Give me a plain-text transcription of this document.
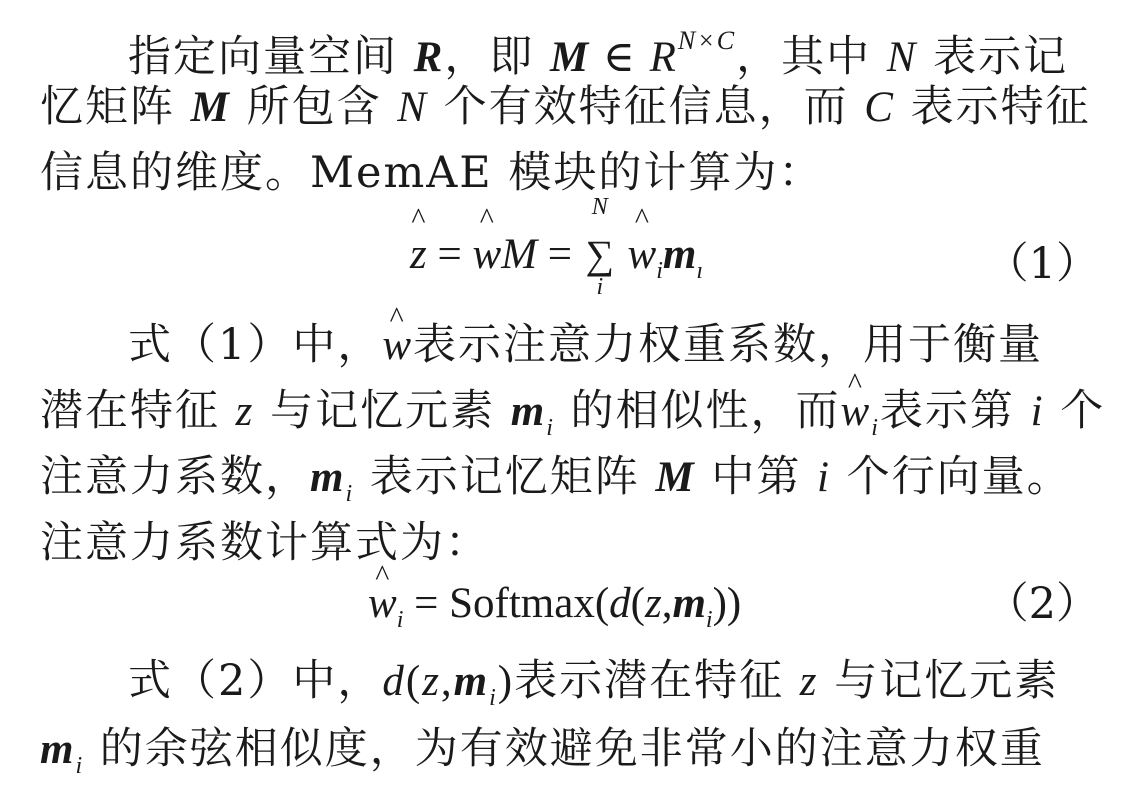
指定向量空间 R，即 M ∈ $R^{N\times C}$，其中 N 表示记
忆矩阵 M 所包含 N 个有效特征信息，而 C 表示特征
信息的维度。MemAE 模块的计算为：
z ^ = w ^M =
N
∑
i
w $\^{}_im_ı$	（1）
式（1）中，w ^表示注意力权重系数，用于衡量
潜在特征 z 与记忆元素 $m_i$ 的相似性，而w $\^{}_i$表示第 i 个
注意力系数，$m_i$ 表示记忆矩阵 M 中第 i 个行向量。
注意力系数计算式为：
w $\^{}_i$ = $Softmax(d(z,m_i))$	（2）
式（2）中，$d(z,m_i)$表示潜在特征 z 与记忆元素
$m_i$ 的余弦相似度，为有效避免非常小的注意力权重
